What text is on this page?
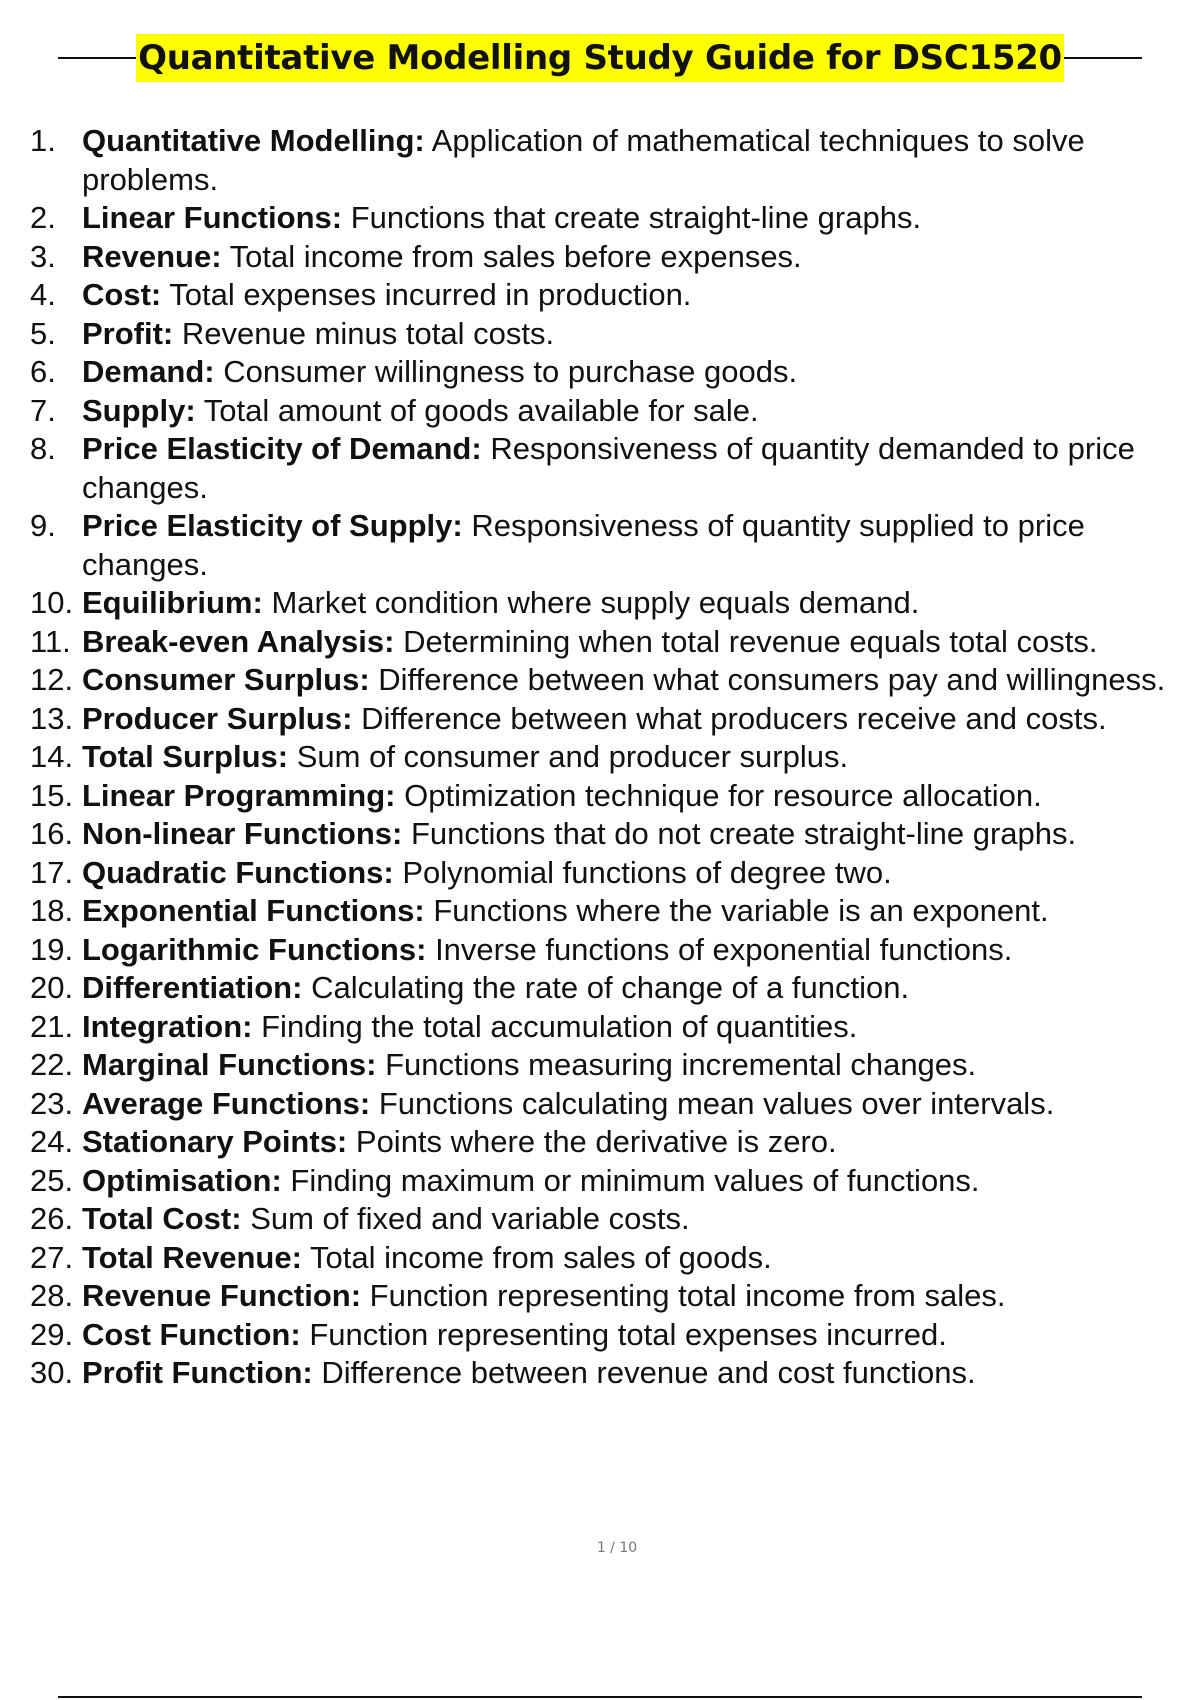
Quantitative Modelling Study Guide for DSC1520
1. Quantitative Modelling: Application of mathematical techniques to solve problems.
2. Linear Functions: Functions that create straight-line graphs.
3. Revenue: Total income from sales before expenses.
4. Cost: Total expenses incurred in production.
5. Profit: Revenue minus total costs.
6. Demand: Consumer willingness to purchase goods.
7. Supply: Total amount of goods available for sale.
8. Price Elasticity of Demand: Responsiveness of quantity demanded to price changes.
9. Price Elasticity of Supply: Responsiveness of quantity supplied to price changes.
10. Equilibrium: Market condition where supply equals demand.
11. Break-even Analysis: Determining when total revenue equals total costs.
12. Consumer Surplus: Difference between what consumers pay and willingness.
13. Producer Surplus: Difference between what producers receive and costs.
14. Total Surplus: Sum of consumer and producer surplus.
15. Linear Programming: Optimization technique for resource allocation.
16. Non-linear Functions: Functions that do not create straight-line graphs.
17. Quadratic Functions: Polynomial functions of degree two.
18. Exponential Functions: Functions where the variable is an exponent.
19. Logarithmic Functions: Inverse functions of exponential functions.
20. Differentiation: Calculating the rate of change of a function.
21. Integration: Finding the total accumulation of quantities.
22. Marginal Functions: Functions measuring incremental changes.
23. Average Functions: Functions calculating mean values over intervals.
24. Stationary Points: Points where the derivative is zero.
25. Optimisation: Finding maximum or minimum values of functions.
26. Total Cost: Sum of fixed and variable costs.
27. Total Revenue: Total income from sales of goods.
28. Revenue Function: Function representing total income from sales.
29. Cost Function: Function representing total expenses incurred.
30. Profit Function: Difference between revenue and cost functions.
1 / 10
